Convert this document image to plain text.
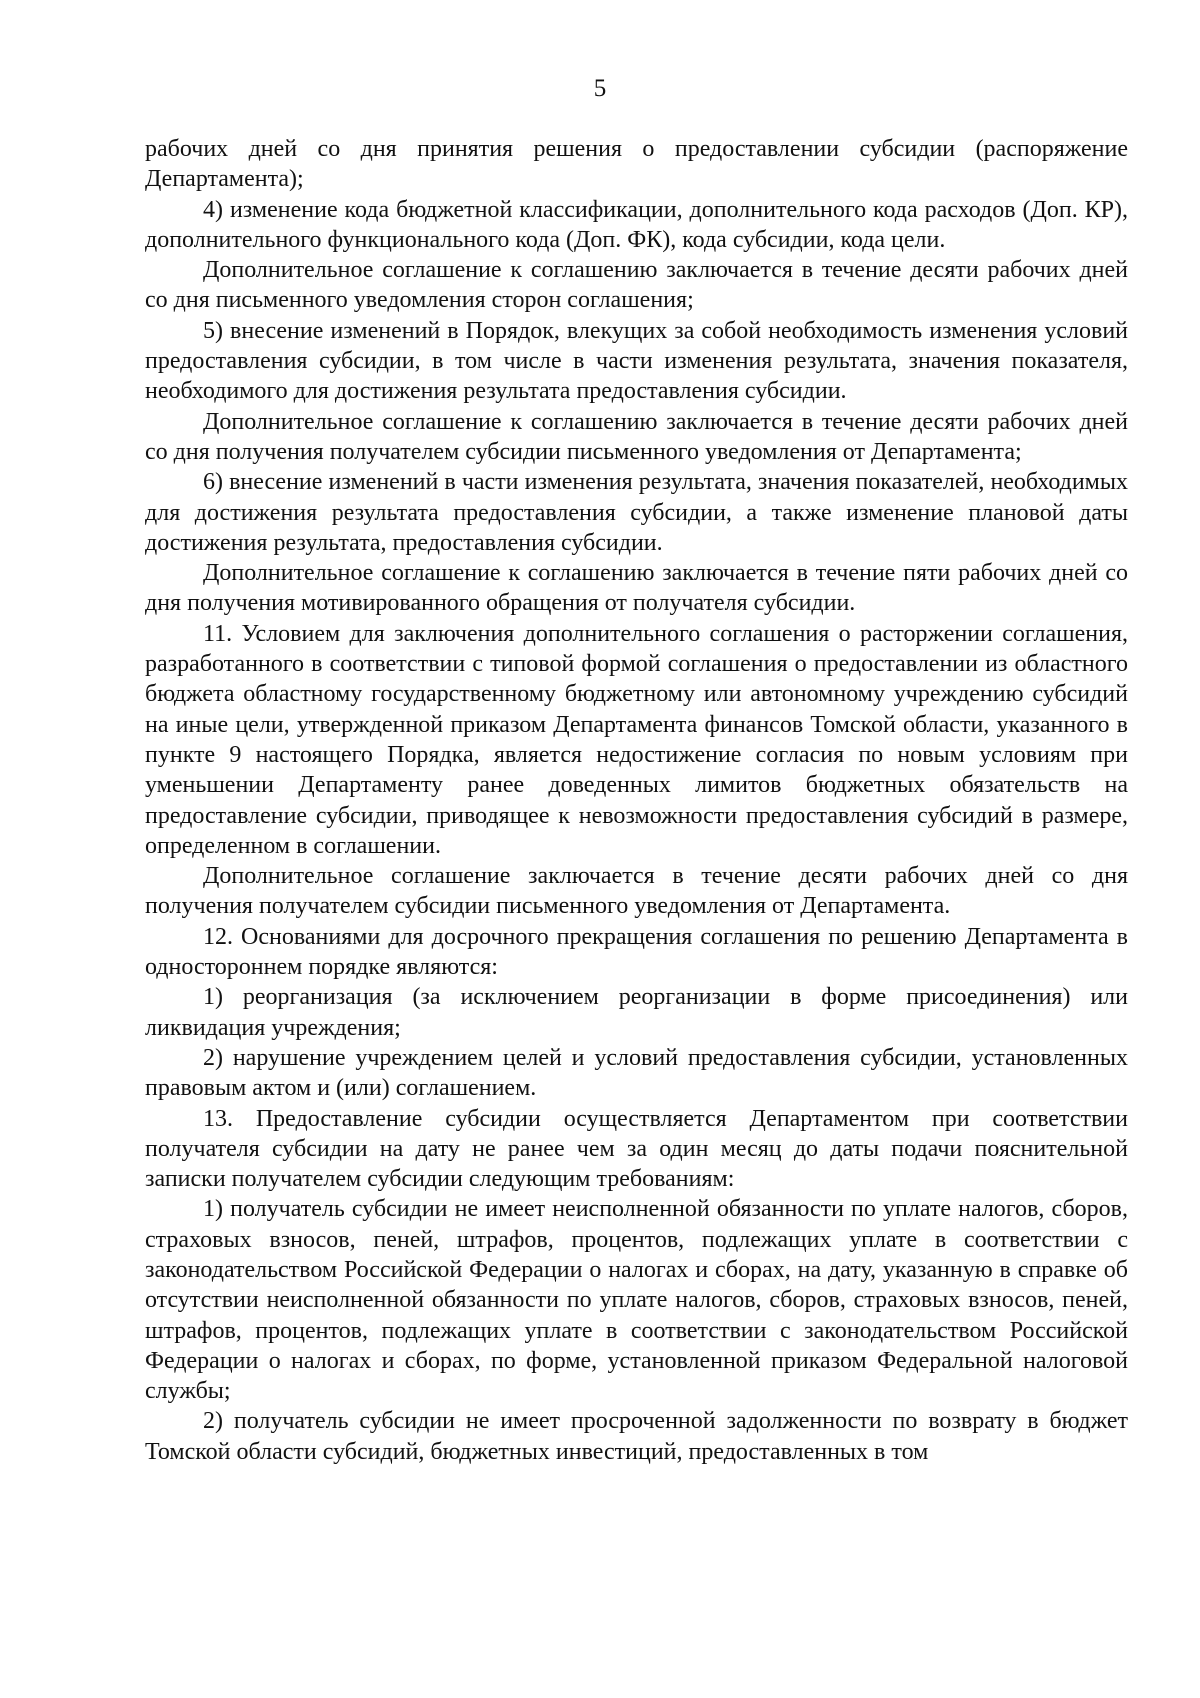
5

рабочих дней со дня принятия решения о предоставлении субсидии (распоряжение Департамента);

4) изменение кода бюджетной классификации, дополнительного кода расходов (Доп. КР), дополнительного функционального кода (Доп. ФК), кода субсидии, кода цели.

Дополнительное соглашение к соглашению заключается в течение десяти рабочих дней со дня письменного уведомления сторон соглашения;

5) внесение изменений в Порядок, влекущих за собой необходимость изменения условий предоставления субсидии, в том числе в части изменения результата, значения показателя, необходимого для достижения результата предоставления субсидии.

Дополнительное соглашение к соглашению заключается в течение десяти рабочих дней со дня получения получателем субсидии письменного уведомления от Департамента;

6) внесение изменений в части изменения результата, значения показателей, необходимых для достижения результата предоставления субсидии, а также изменение плановой даты достижения результата, предоставления субсидии.

Дополнительное соглашение к соглашению заключается в течение пяти рабочих дней со дня получения мотивированного обращения от получателя субсидии.

11. Условием для заключения дополнительного соглашения о расторжении соглашения, разработанного в соответствии с типовой формой соглашения о предоставлении из областного бюджета областному государственному бюджетному или автономному учреждению субсидий на иные цели, утвержденной приказом Департамента финансов Томской области, указанного в пункте 9 настоящего Порядка, является недостижение согласия по новым условиям при уменьшении Департаменту ранее доведенных лимитов бюджетных обязательств на предоставление субсидии, приводящее к невозможности предоставления субсидий в размере, определенном в соглашении.

Дополнительное соглашение заключается в течение десяти рабочих дней со дня получения получателем субсидии письменного уведомления от Департамента.

12. Основаниями для досрочного прекращения соглашения по решению Департамента в одностороннем порядке являются:

1) реорганизация (за исключением реорганизации в форме присоединения) или ликвидация учреждения;

2) нарушение учреждением целей и условий предоставления субсидии, установленных правовым актом и (или) соглашением.

13. Предоставление субсидии осуществляется Департаментом при соответствии получателя субсидии на дату не ранее чем за один месяц до даты подачи пояснительной записки получателем субсидии следующим требованиям:

1) получатель субсидии не имеет неисполненной обязанности по уплате налогов, сборов, страховых взносов, пеней, штрафов, процентов, подлежащих уплате в соответствии с законодательством Российской Федерации о налогах и сборах, на дату, указанную в справке об отсутствии неисполненной обязанности по уплате налогов, сборов, страховых взносов, пеней, штрафов, процентов, подлежащих уплате в соответствии с законодательством Российской Федерации о налогах и сборах, по форме, установленной приказом Федеральной налоговой службы;

2) получатель субсидии не имеет просроченной задолженности по возврату в бюджет Томской области субсидий, бюджетных инвестиций, предоставленных в том
